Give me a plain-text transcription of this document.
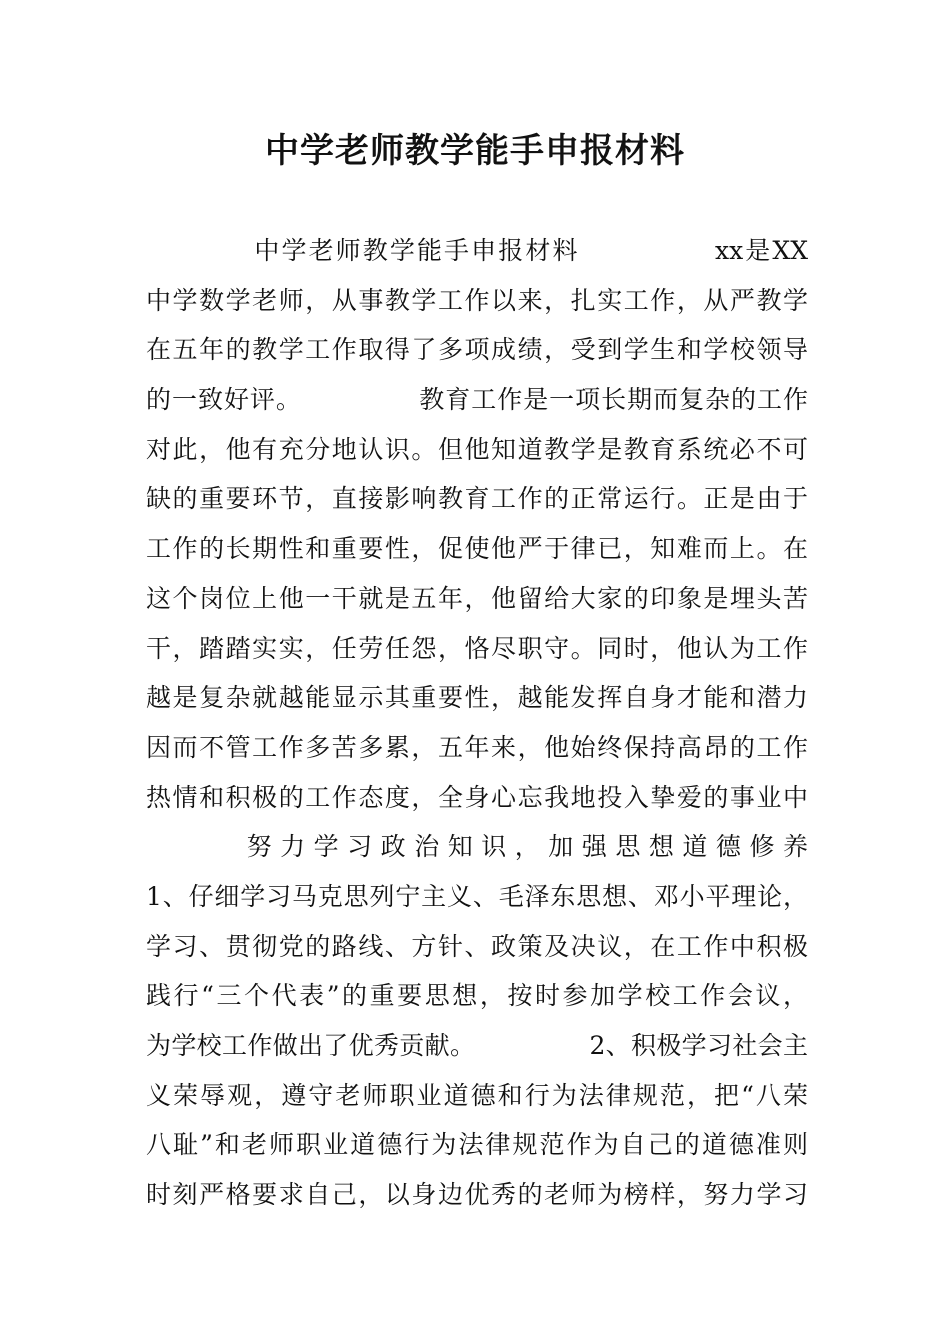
中学老师教学能手申报材料
　　　　中学老师教学能手申报材料　　　　　xx是XX
中学数学老师，从事教学工作以来，扎实工作，从严教学
在五年的教学工作取得了多项成绩，受到学生和学校领导
的一致好评。　　　　　教育工作是一项长期而复杂的工作
对此，他有充分地认识。但他知道教学是教育系统必不可
缺的重要环节，直接影响教育工作的正常运行。正是由于
工作的长期性和重要性，促使他严于律已，知难而上。在
这个岗位上他一干就是五年，他留给大家的印象是埋头苦
干，踏踏实实，任劳任怨，恪尽职守。同时，他认为工作
越是复杂就越能显示其重要性，越能发挥自身才能和潜力
因而不管工作多苦多累，五年来，他始终保持高昂的工作
热情和积极的工作态度，全身心忘我地投入挚爱的事业中
　　　努力学习政治知识，加强思想道德修养
1、仔细学习马克思列宁主义、毛泽东思想、邓小平理论，
学习、贯彻党的路线、方针、政策及决议，在工作中积极
践行“三个代表”的重要思想，按时参加学校工作会议，
为学校工作做出了优秀贡献。　　　　　2、积极学习社会主
义荣辱观，遵守老师职业道德和行为法律规范，把“八荣
八耻”和老师职业道德行为法律规范作为自己的道德准则
时刻严格要求自己，以身边优秀的老师为榜样，努力学习
